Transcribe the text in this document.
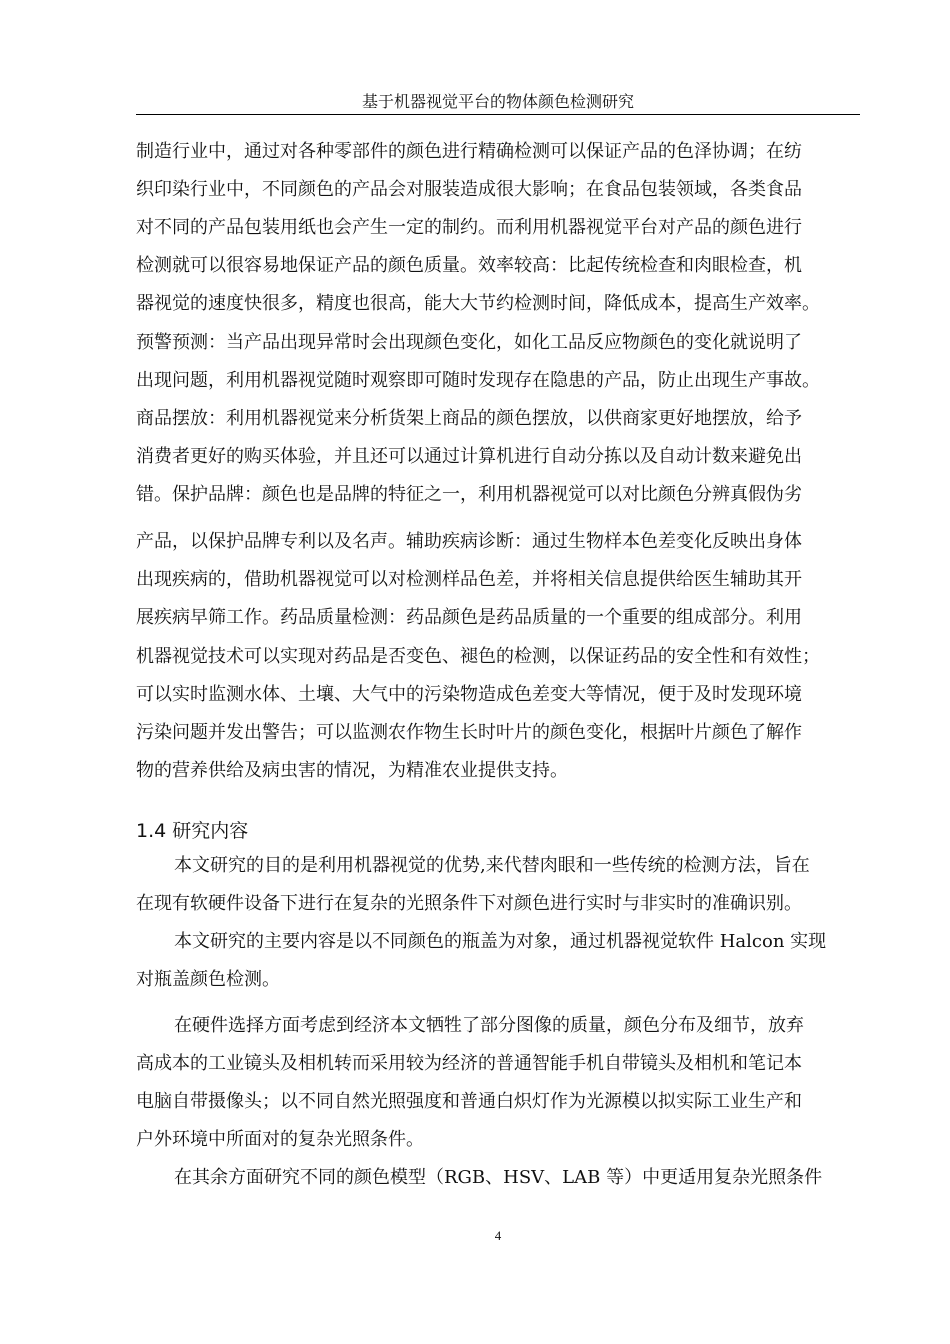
基于机器视觉平台的物体颜色检测研究
制造行业中，通过对各种零部件的颜色进行精确检测可以保证产品的色泽协调；在纺
织印染行业中，不同颜色的产品会对服装造成很大影响；在食品包装领域，各类食品
对不同的产品包装用纸也会产生一定的制约。而利用机器视觉平台对产品的颜色进行
检测就可以很容易地保证产品的颜色质量。效率较高：比起传统检查和肉眼检查，机
器视觉的速度快很多，精度也很高，能大大节约检测时间，降低成本，提高生产效率。
预警预测：当产品出现异常时会出现颜色变化，如化工品反应物颜色的变化就说明了
出现问题，利用机器视觉随时观察即可随时发现存在隐患的产品，防止出现生产事故。
商品摆放：利用机器视觉来分析货架上商品的颜色摆放，以供商家更好地摆放，给予
消费者更好的购买体验，并且还可以通过计算机进行自动分拣以及自动计数来避免出
错。保护品牌：颜色也是品牌的特征之一，利用机器视觉可以对比颜色分辨真假伪劣
产品，以保护品牌专利以及名声。辅助疾病诊断：通过生物样本色差变化反映出身体
出现疾病的，借助机器视觉可以对检测样品色差，并将相关信息提供给医生辅助其开
展疾病早筛工作。药品质量检测：药品颜色是药品质量的一个重要的组成部分。利用
机器视觉技术可以实现对药品是否变色、褪色的检测，以保证药品的安全性和有效性；
可以实时监测水体、土壤、大气中的污染物造成色差变大等情况，便于及时发现环境
污染问题并发出警告；可以监测农作物生长时叶片的颜色变化，根据叶片颜色了解作
物的营养供给及病虫害的情况，为精准农业提供支持。
1.4 研究内容
本文研究的目的是利用机器视觉的优势,来代替肉眼和一些传统的检测方法，旨在
在现有软硬件设备下进行在复杂的光照条件下对颜色进行实时与非实时的准确识别。
本文研究的主要内容是以不同颜色的瓶盖为对象，通过机器视觉软件 Halcon 实现
对瓶盖颜色检测。
在硬件选择方面考虑到经济本文牺牲了部分图像的质量，颜色分布及细节，放弃
高成本的工业镜头及相机转而采用较为经济的普通智能手机自带镜头及相机和笔记本
电脑自带摄像头；以不同自然光照强度和普通白炽灯作为光源模以拟实际工业生产和
户外环境中所面对的复杂光照条件。
在其余方面研究不同的颜色模型（RGB、HSV、LAB 等）中更适用复杂光照条件
4
